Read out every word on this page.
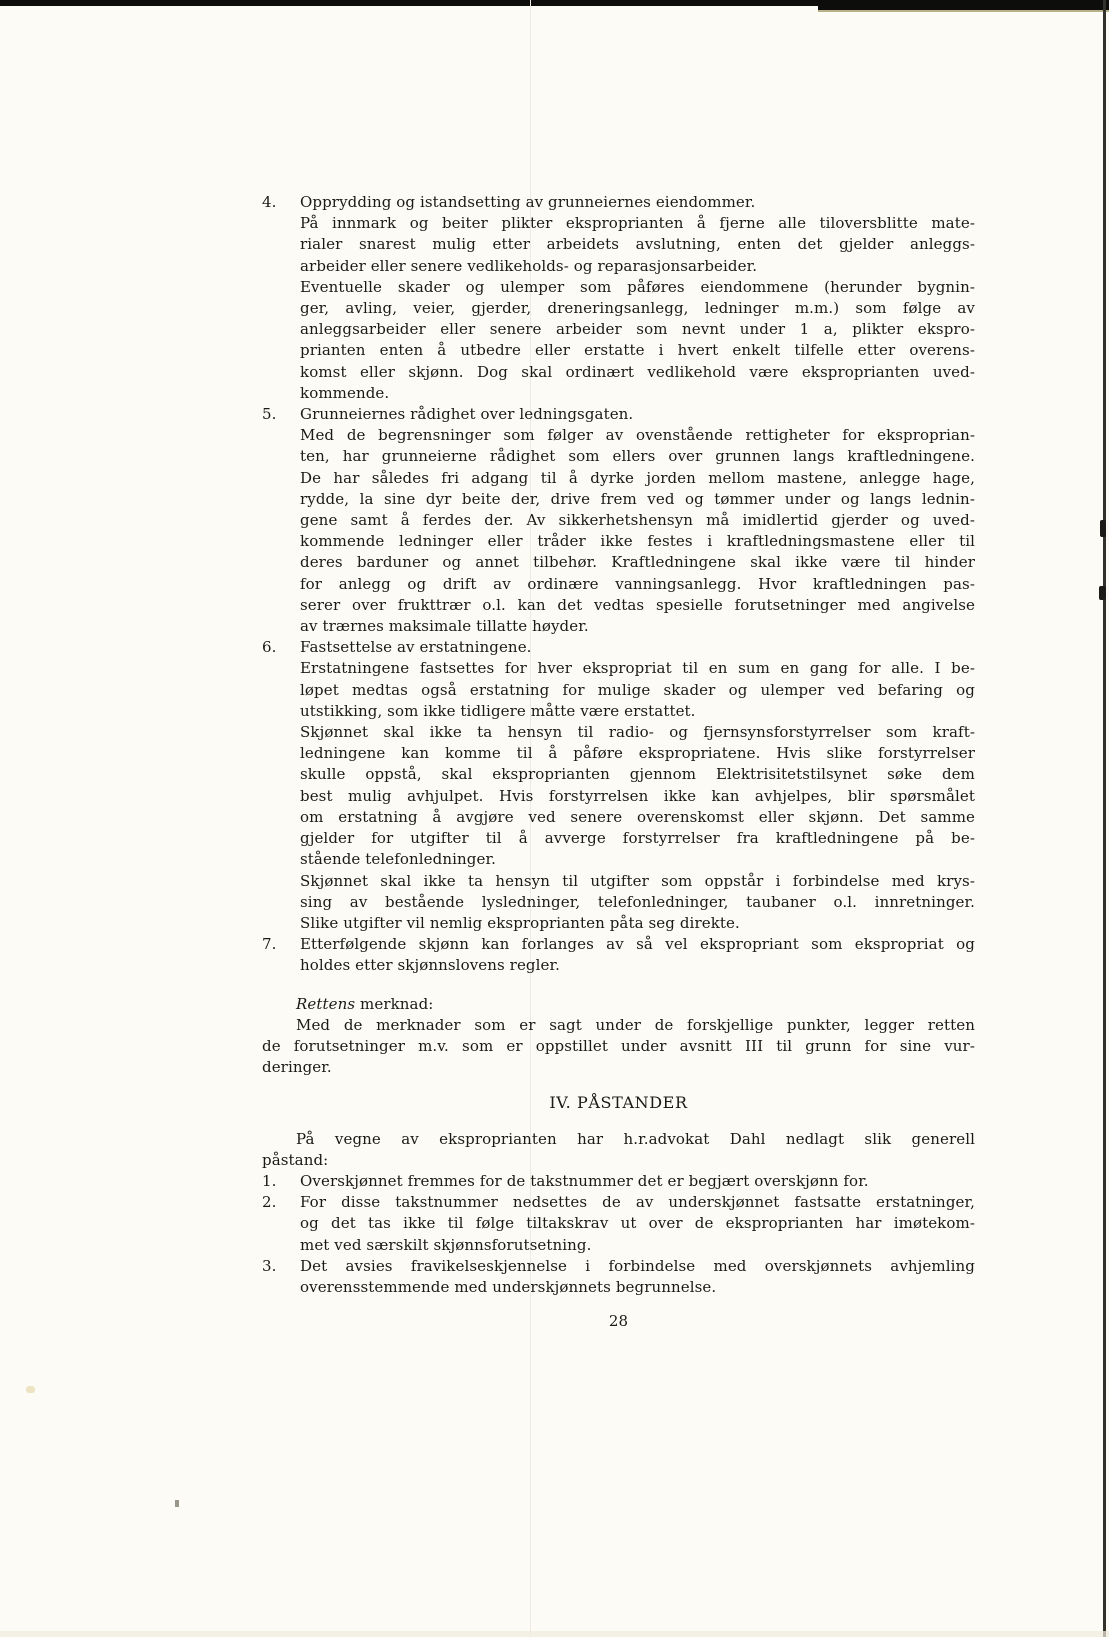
4.	Opprydding og istandsetting av grunneiernes eiendommer.
På innmark og beiter plikter eksproprianten å fjerne alle tiloversblitte mate-
rialer snarest mulig etter arbeidets avslutning, enten det gjelder anleggs-
arbeider eller senere vedlikeholds- og reparasjonsarbeider.
Eventuelle skader og ulemper som påføres eiendommene (herunder bygnin-
ger, avling, veier, gjerder, dreneringsanlegg, ledninger m.m.) som følge av
anleggsarbeider eller senere arbeider som nevnt under 1 a, plikter ekspro-
prianten enten å utbedre eller erstatte i hvert enkelt tilfelle etter overens-
komst eller skjønn. Dog skal ordinært vedlikehold være eksproprianten uved-
kommende.
5.	Grunneiernes rådighet over ledningsgaten.
Med de begrensninger som følger av ovenstående rettigheter for eksproprian-
ten, har grunneierne rådighet som ellers over grunnen langs kraftledningene.
De har således fri adgang til å dyrke jorden mellom mastene, anlegge hage,
rydde, la sine dyr beite der, drive frem ved og tømmer under og langs lednin-
gene samt å ferdes der. Av sikkerhetshensyn må imidlertid gjerder og uved-
kommende ledninger eller tråder ikke festes i kraftledningsmastene eller til
deres barduner og annet tilbehør. Kraftledningene skal ikke være til hinder
for anlegg og drift av ordinære vanningsanlegg. Hvor kraftledningen pas-
serer over frukttrær o.l. kan det vedtas spesielle forutsetninger med angivelse
av trærnes maksimale tillatte høyder.
6.	Fastsettelse av erstatningene.
Erstatningene fastsettes for hver ekspropriat til en sum en gang for alle. I be-
løpet medtas også erstatning for mulige skader og ulemper ved befaring og
utstikking, som ikke tidligere måtte være erstattet.
Skjønnet skal ikke ta hensyn til radio- og fjernsynsforstyrrelser som kraft-
ledningene kan komme til å påføre ekspropriatene. Hvis slike forstyrrelser
skulle oppstå, skal eksproprianten gjennom Elektrisitetstilsynet søke dem
best mulig avhjulpet. Hvis forstyrrelsen ikke kan avhjelpes, blir spørsmålet
om erstatning å avgjøre ved senere overenskomst eller skjønn. Det samme
gjelder for utgifter til å avverge forstyrrelser fra kraftledningene på be-
stående telefonledninger.
Skjønnet skal ikke ta hensyn til utgifter som oppstår i forbindelse med krys-
sing av bestående lysledninger, telefonledninger, taubaner o.l. innretninger.
Slike utgifter vil nemlig eksproprianten påta seg direkte.
7.	Etterfølgende skjønn kan forlanges av så vel ekspropriant som ekspropriat og
holdes etter skjønnslovens regler.
Rettens merknad:
Med de merknader som er sagt under de forskjellige punkter, legger retten
de forutsetninger m.v. som er oppstillet under avsnitt III til grunn for sine vur-
deringer.
IV. PÅSTANDER
På vegne av eksproprianten har h.r.advokat Dahl nedlagt slik generell
påstand:
1.	Overskjønnet fremmes for de takstnummer det er begjært overskjønn for.
2.	For disse takstnummer nedsettes de av underskjønnet fastsatte erstatninger,
og det tas ikke til følge tiltakskrav ut over de eksproprianten har imøtekom-
met ved særskilt skjønnsforutsetning.
3.	Det avsies fravikelseskjennelse i forbindelse med overskjønnets avhjemling
overensstemmende med underskjønnets begrunnelse.
28
